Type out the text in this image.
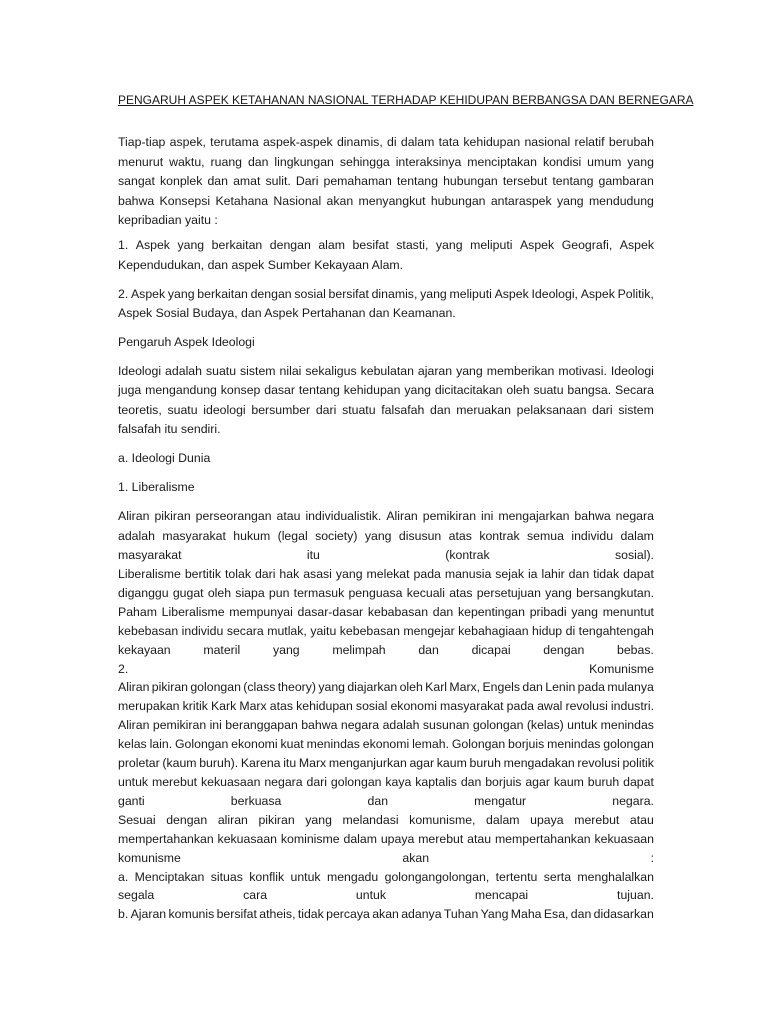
PENGARUH ASPEK KETAHANAN NASIONAL TERHADAP KEHIDUPAN BERBANGSA DAN BERNEGARA
Tiap-tiap aspek, terutama aspek-aspek dinamis, di dalam tata kehidupan nasional relatif berubah
menurut waktu, ruang dan lingkungan sehingga interaksinya menciptakan kondisi umum yang
sangat konplek dan amat sulit. Dari pemahaman tentang hubungan tersebut tentang gambaran
bahwa Konsepsi Ketahana Nasional akan menyangkut hubungan antaraspek yang mendudung
kepribadian yaitu :
1. Aspek yang berkaitan dengan alam besifat stasti, yang meliputi Aspek Geografi, Aspek
Kependudukan, dan aspek Sumber Kekayaan Alam.
2. Aspek yang berkaitan dengan sosial bersifat dinamis, yang meliputi Aspek Ideologi, Aspek Politik,
Aspek Sosial Budaya, dan Aspek Pertahanan dan Keamanan.
Pengaruh Aspek Ideologi
Ideologi adalah suatu sistem nilai sekaligus kebulatan ajaran yang memberikan motivasi. Ideologi
juga mengandung konsep dasar tentang kehidupan yang dicitacitakan oleh suatu bangsa. Secara
teoretis, suatu ideologi bersumber dari stuatu falsafah dan meruakan pelaksanaan dari sistem
falsafah itu sendiri.
a. Ideologi Dunia
1. Liberalisme
Aliran pikiran perseorangan atau individualistik. Aliran pemikiran ini mengajarkan bahwa negara
adalah masyarakat hukum (legal society) yang disusun atas kontrak semua individu dalam
masyarakat	itu	(kontrak	sosial).
Liberalisme bertitik tolak dari hak asasi yang melekat pada manusia sejak ia lahir dan tidak dapat
diganggu gugat oleh siapa pun termasuk penguasa kecuali atas persetujuan yang bersangkutan.
Paham Liberalisme mempunyai dasar-dasar kebabasan dan kepentingan pribadi yang menuntut
kebebasan individu secara mutlak, yaitu kebebasan mengejar kebahagiaan hidup di tengahtengah
kekayaan	materil	yang	melimpah	dan	dicapai	dengan	bebas.
2.	Komunisme
Aliran pikiran golongan (class theory) yang diajarkan oleh Karl Marx, Engels dan Lenin pada mulanya
merupakan kritik Kark Marx atas kehidupan sosial ekonomi masyarakat pada awal revolusi industri.
Aliran pemikiran ini beranggapan bahwa negara adalah susunan golongan (kelas) untuk menindas
kelas lain. Golongan ekonomi kuat menindas ekonomi lemah. Golongan borjuis menindas golongan
proletar (kaum buruh). Karena itu Marx menganjurkan agar kaum buruh mengadakan revolusi politik
untuk merebut kekuasaan negara dari golongan kaya kaptalis dan borjuis agar kaum buruh dapat
ganti	berkuasa	dan	mengatur	negara.
Sesuai dengan aliran pikiran yang melandasi komunisme, dalam upaya merebut atau
mempertahankan kekuasaan kominisme dalam upaya merebut atau mempertahankan kekuasaan
komunisme	akan	:
a. Menciptakan situas konflik untuk mengadu golongangolongan, tertentu serta menghalalkan
segala	cara	untuk	mencapai	tujuan.
b. Ajaran komunis bersifat atheis, tidak percaya akan adanya Tuhan Yang Maha Esa, dan didasarkan
